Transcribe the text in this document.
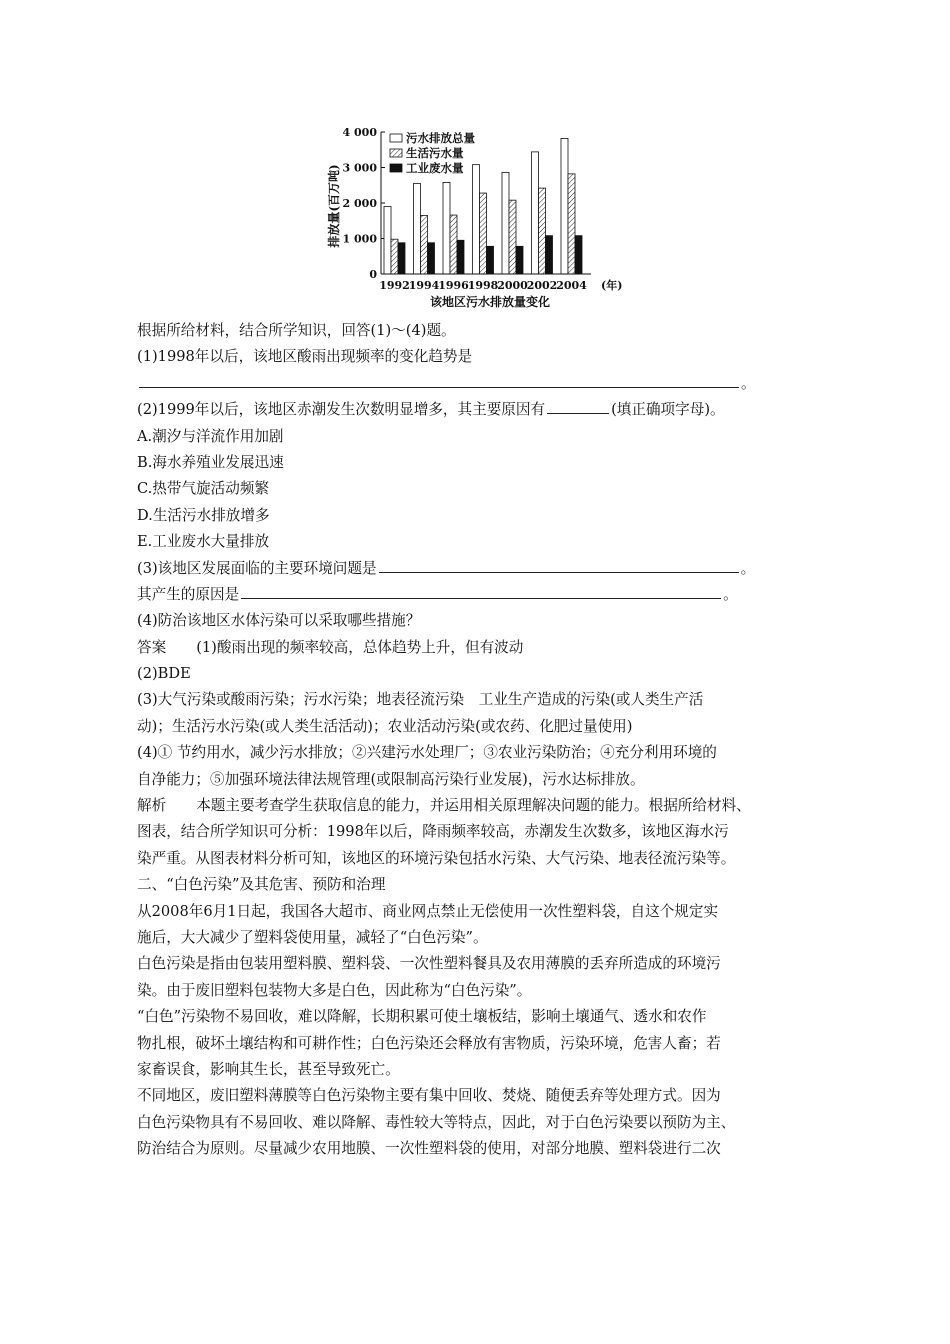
排放量(百万吨)
0
1 000
2 000
3 000
4 000
1992
1994
1996
1998
2000
2002
2004 (年)
污水排放总量
生活污水量
工业废水量
该地区污水排放量变化
根据所给材料，结合所学知识，回答(1)～(4)题。
(1)1998年以后，该地区酸雨出现频率的变化趋势是
。
(2)1999年以后，该地区赤潮发生次数明显增多，其主要原因有	(填正确项字母)。
A.潮汐与洋流作用加剧
B.海水养殖业发展迅速
C.热带气旋活动频繁
D.生活污水排放增多
E.工业废水大量排放
(3)该地区发展面临的主要环境问题是	。
其产生的原因是	。
(4)防治该地区水体污染可以采取哪些措施？
答案 (1)酸雨出现的频率较高，总体趋势上升，但有波动
(2)BDE
(3)大气污染或酸雨污染；污水污染；地表径流污染　工业生产造成的污染(或人类生产活
动)；生活污水污染(或人类生活活动)；农业活动污染(或农药、化肥过量使用)
(4)① 节约用水，减少污水排放；②兴建污水处理厂；③农业污染防治；④充分利用环境的
自净能力；⑤加强环境法律法规管理(或限制高污染行业发展)，污水达标排放。
解析 本题主要考查学生获取信息的能力，并运用相关原理解决问题的能力。根据所给材料、
图表，结合所学知识可分析：1998年以后，降雨频率较高，赤潮发生次数多，该地区海水污
染严重。从图表材料分析可知，该地区的环境污染包括水污染、大气污染、地表径流污染等。
二、“白色污染”及其危害、预防和治理
从2008年6月1日起，我国各大超市、商业网点禁止无偿使用一次性塑料袋，自这个规定实
施后，大大减少了塑料袋使用量，减轻了“白色污染”。
白色污染是指由包装用塑料膜、塑料袋、一次性塑料餐具及农用薄膜的丢弃所造成的环境污
染。由于废旧塑料包装物大多是白色，因此称为“白色污染”。
“白色”污染物不易回收，难以降解，长期积累可使土壤板结，影响土壤通气、透水和农作
物扎根，破坏土壤结构和可耕作性；白色污染还会释放有害物质，污染环境，危害人畜；若
家畜误食，影响其生长，甚至导致死亡。
不同地区，废旧塑料薄膜等白色污染物主要有集中回收、焚烧、随便丢弃等处理方式。因为
白色污染物具有不易回收、难以降解、毒性较大等特点，因此，对于白色污染要以预防为主、
防治结合为原则。尽量减少农用地膜、一次性塑料袋的使用，对部分地膜、塑料袋进行二次
